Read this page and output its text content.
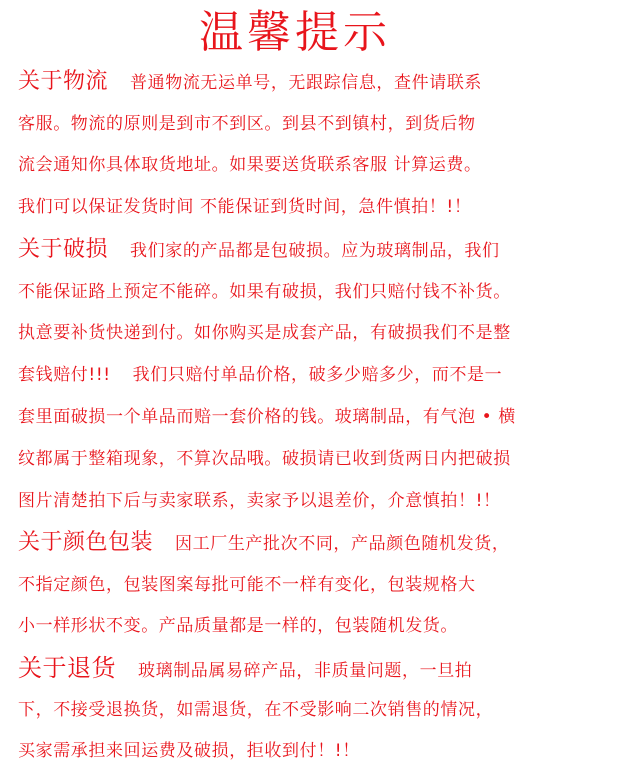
温馨提示
关于物流 普通物流无运单号，无跟踪信息，查件请联系
客服。物流的原则是到市不到区。到县不到镇村，到货后物
流会通知你具体取货地址。如果要送货联系客服 计算运费。
我们可以保证发货时间 不能保证到货时间，急件慎拍！!！
关于破损 我们家的产品都是包破损。应为玻璃制品，我们
不能保证路上预定不能碎。如果有破损，我们只赔付钱不补货。
执意要补货快递到付。如你购买是成套产品，有破损我们不是整
套钱赔付!!! 我们只赔付单品价格，破多少赔多少，而不是一
套里面破损一个单品而赔一套价格的钱。玻璃制品，有气泡 • 横
纹都属于整箱现象，不算次品哦。破损请已收到货两日内把破损
图片清楚拍下后与卖家联系，卖家予以退差价，介意慎拍！!！
关于颜色包装 因工厂生产批次不同，产品颜色随机发货，
不指定颜色，包装图案每批可能不一样有变化，包装规格大
小一样形状不变。产品质量都是一样的，包装随机发货。
关于退货 玻璃制品属易碎产品，非质量问题，一旦拍
下，不接受退换货，如需退货，在不受影响二次销售的情况，
买家需承担来回运费及破损，拒收到付！!！
